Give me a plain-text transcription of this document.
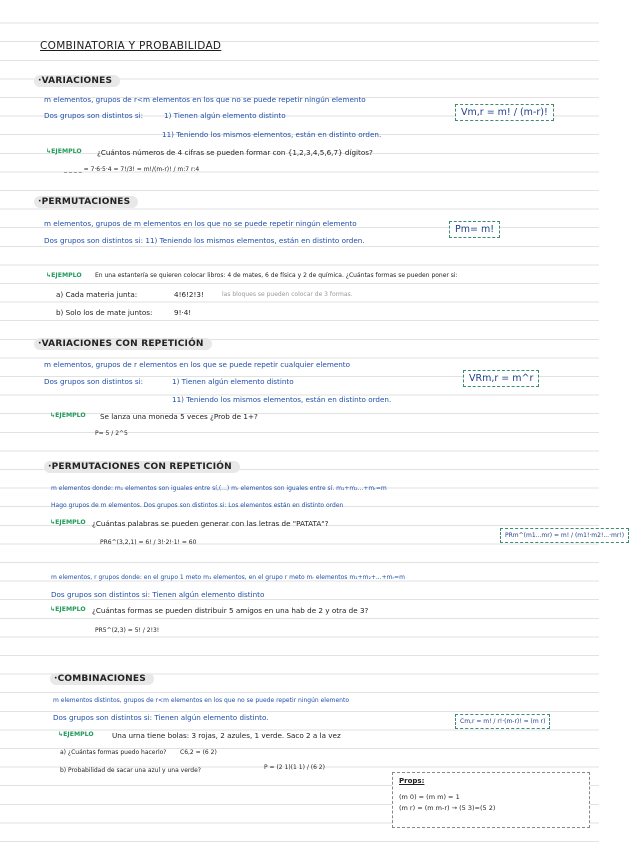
COMBINATORIA Y PROBABILIDAD
·VARIACIONES
m elementos, grupos de r<m elementos en los que no se puede repetir ningún elemento
Dos grupos son distintos si:	1) Tienen algún elemento distinto
11) Teniendo los mismos elementos, están en distinto orden.
Vm,r = m! / (m-r)!
↳EJEMPLO ¿Cuántos números de 4 cifras se pueden formar con {1,2,3,4,5,6,7} dígitos?
_ _ _ _ = 7·6·5·4 = 7!/3! = m!/(m-r)! / m:7 r:4
·PERMUTACIONES
m elementos, grupos de m elementos en los que no se puede repetir ningún elemento
Dos grupos son distintos si: 11) Teniendo los mismos elementos, están en distinto orden.
Pm= m!
↳EJEMPLO En una estantería se quieren colocar libros: 4 de mates, 6 de física y 2 de química. ¿Cuántas formas se pueden poner si:
a) Cada materia junta:	4!6!2!3!	las bloques se pueden colocar de 3 formas.
b) Solo los de mate juntos:	9!·4!
·VARIACIONES CON REPETICIÓN
m elementos, grupos de r elementos en los que se puede repetir cualquier elemento
Dos grupos son distintos si:	1) Tienen algún elemento distinto
11) Teniendo los mismos elementos, están en distinto orden.
VRm,r = m^r
↳EJEMPLO Se lanza una moneda 5 veces ¿Prob de 1+?
P= 5 / 2^5
·PERMUTACIONES CON REPETICIÓN
m elementos donde: m₁ elementos son iguales entre sí,(...) mᵣ elementos son iguales entre sí. m₁+m₂...+mᵣ=m
Hago grupos de m elementos. Dos grupos son distintos si: Los elementos están en distinto orden
PRm^(m1...mr) = m! / (m1!·m2!...·mr!)
↳EJEMPLO ¿Cuántas palabras se pueden generar con las letras de "PATATA"?
PR6^(3,2,1) = 6! / 3!·2!·1! = 60
m elementos, r grupos donde: en el grupo 1 meto m₁ elementos, en el grupo r meto mᵣ elementos m₁+m₂+...+mᵣ=m
Dos grupos son distintos si: Tienen algún elemento distinto
↳EJEMPLO ¿Cuántas formas se pueden distribuir 5 amigos en una hab de 2 y otra de 3?
PR5^(2,3) = 5! / 2!3!
·COMBINACIONES
m elementos distintos, grupos de r<m elementos en los que no se puede repetir ningún elemento
Dos grupos son distintos si: Tienen algún elemento distinto.	Cm,r = m! / r!·(m-r)! = (m r)
↳EJEMPLO	Una urna tiene bolas: 3 rojas, 2 azules, 1 verde. Saco 2 a la vez
a) ¿Cuántas formas puedo hacerlo? C6,2 = (6 2)
b) Probabilidad de sacar una azul y una verde?	P = (2 1)(1 1) / (6 2)
Props:
(m 0) = (m m) = 1
(m r) = (m m-r) → (5 3)=(5 2)
